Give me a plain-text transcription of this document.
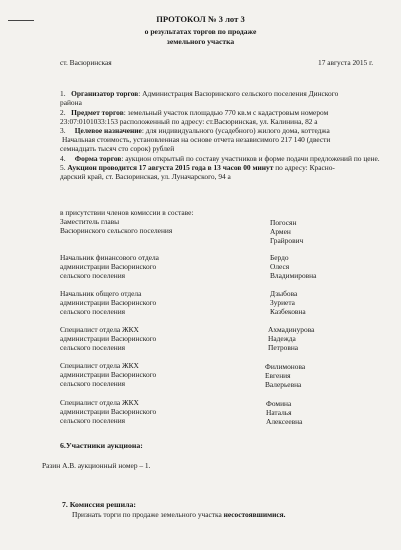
ПРОТОКОЛ № 3 лот 3
о результатах торгов по продаже
земельного участка
ст. Васюринская	17 августа 2015 г.
1. Организатор торгов: Администрация Васюринского сельского поселения Динского
района
2. Предмет торгов: земельный участок площадью 770 кв.м с кадастровым номером
23:07:0101033:153 расположенный по адресу: ст.Васюринская, ул. Калинина, 82 а
3. Целевое назначение: для индивидуального (усадебного) жилого дома, коттеджа
Начальная стоимость, установленная на основе отчета независимого 217 140 (двести
семнадцать тысяч сто сорок) рублей
4. Форма торгов: аукцион открытый по составу участников и форме подачи предложений по цене.
5. Аукцион проводится 17 августа 2015 года в 13 часов 00 минут по адресу: Красно-
дарский край, ст. Васюринская, ул. Луначарского, 94 а
в присутствии членов комиссии в составе:
Заместитель главы
Васюринского сельского поселения
Погосян
Армен
Грайрович
Начальник финансового отдела
администрации Васюринского
сельского поселения
Бердо
Олеся
Владимировна
Начальник общего отдела
администрации Васюринского
сельского поселения
Дзыбова
Зуриета
Казбековна
Специалист отдела ЖКХ
администрации Васюринского
сельского поселения
Ахмадинурова
Надежда
Петровна
Специалист отдела ЖКХ
администрации Васюринского
сельского поселения
Филимонова
Евгения
Валерьевна
Специалист отдела ЖКХ
администрации Васюринского
сельского поселения
Фомина
Наталья
Алексеевна
6.Участники аукциона:
Разин А.В. аукционный номер – 1.
7. Комиссия решила:
Признать торги по продаже земельного участка несостоявшимися.
